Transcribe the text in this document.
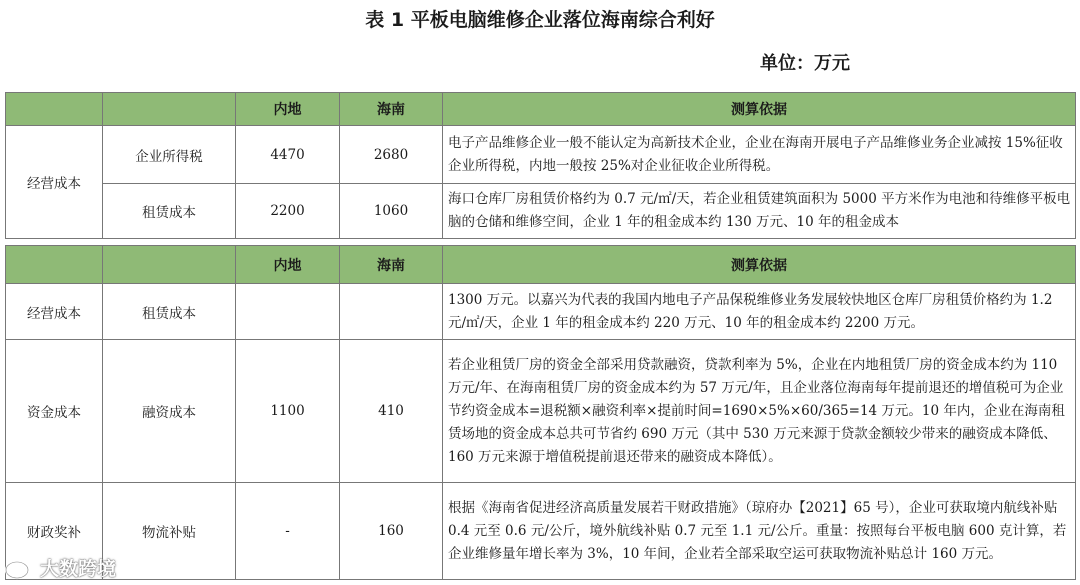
表 1 平板电脑维修企业落位海南综合利好
单位：万元
		内地	海南	测算依据
经营成本	企业所得税	4470	2680	电子产品维修企业一般不能认定为高新技术企业，企业在海南开展电子产品维修业务企业减按 15%征收企业所得税，内地一般按 25%对企业征收企业所得税。
	租赁成本	2200	1060	海口仓库厂房租赁价格约为 0.7 元/㎡/天，若企业租赁建筑面积为 5000 平方米作为电池和待维修平板电脑的仓储和维修空间，企业 1 年的租金成本约 130 万元、10 年的租金成本
		内地	海南	测算依据
经营成本	租赁成本			1300 万元。以嘉兴为代表的我国内地电子产品保税维修业务发展较快地区仓库厂房租赁价格约为 1.2 元/㎡/天，企业 1 年的租金成本约 220 万元、10 年的租金成本约 2200 万元。
资金成本	融资成本	1100	410	若企业租赁厂房的资金全部采用贷款融资，贷款利率为 5%，企业在内地租赁厂房的资金成本约为 110 万元/年、在海南租赁厂房的资金成本约为 57 万元/年，且企业落位海南每年提前退还的增值税可为企业节约资金成本=退税额×融资利率×提前时间=1690×5%×60/365=14 万元。10 年内，企业在海南租赁场地的资金成本总共可节省约 690 万元（其中 530 万元来源于贷款金额较少带来的融资成本降低、160 万元来源于增值税提前退还带来的融资成本降低）。
财政奖补	物流补贴	-	160	根据《海南省促进经济高质量发展若干财政措施》（琼府办【2021】65 号），企业可获取境内航线补贴 0.4 元至 0.6 元/公斤，境外航线补贴 0.7 元至 1.1 元/公斤。重量：按照每台平板电脑 600 克计算，若企业维修量年增长率为 3%，10 年间，企业若全部采取空运可获取物流补贴总计 160 万元。
大数跨境
